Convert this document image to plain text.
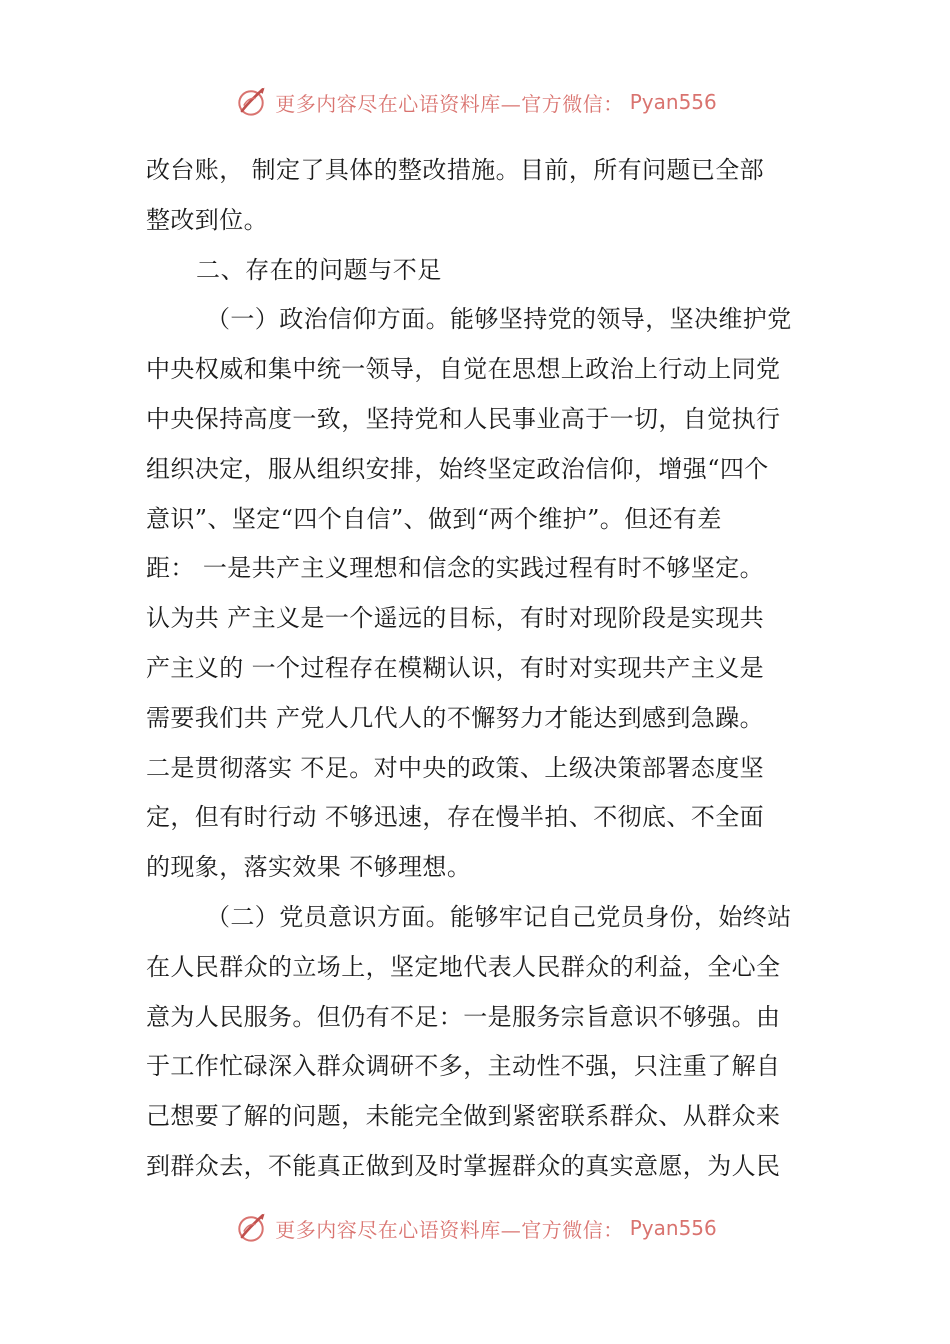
更多内容尽在心语资料库—官方微信： Pyan556
改台账， 制定了具体的整改措施。目前，所有问题已全部
整改到位。
二、存在的问题与不足
（一）政治信仰方面。能够坚持党的领导，坚决维护党
中央权威和集中统一领导，自觉在思想上政治上行动上同党
中央保持高度一致，坚持党和人民事业高于一切，自觉执行
组织决定，服从组织安排，始终坚定政治信仰，增强“四个
意识”、坚定“四个自信”、做到“两个维护”。但还有差
距： 一是共产主义理想和信念的实践过程有时不够坚定。
认为共 产主义是一个遥远的目标，有时对现阶段是实现共
产主义的 一个过程存在模糊认识，有时对实现共产主义是
需要我们共 产党人几代人的不懈努力才能达到感到急躁。
二是贯彻落实 不足。对中央的政策、上级决策部署态度坚
定，但有时行动 不够迅速，存在慢半拍、不彻底、不全面
的现象，落实效果 不够理想。
（二）党员意识方面。能够牢记自己党员身份，始终站
在人民群众的立场上，坚定地代表人民群众的利益，全心全
意为人民服务。但仍有不足：一是服务宗旨意识不够强。由
于工作忙碌深入群众调研不多，主动性不强，只注重了解自
己想要了解的问题，未能完全做到紧密联系群众、从群众来
到群众去，不能真正做到及时掌握群众的真实意愿，为人民
更多内容尽在心语资料库—官方微信： Pyan556
